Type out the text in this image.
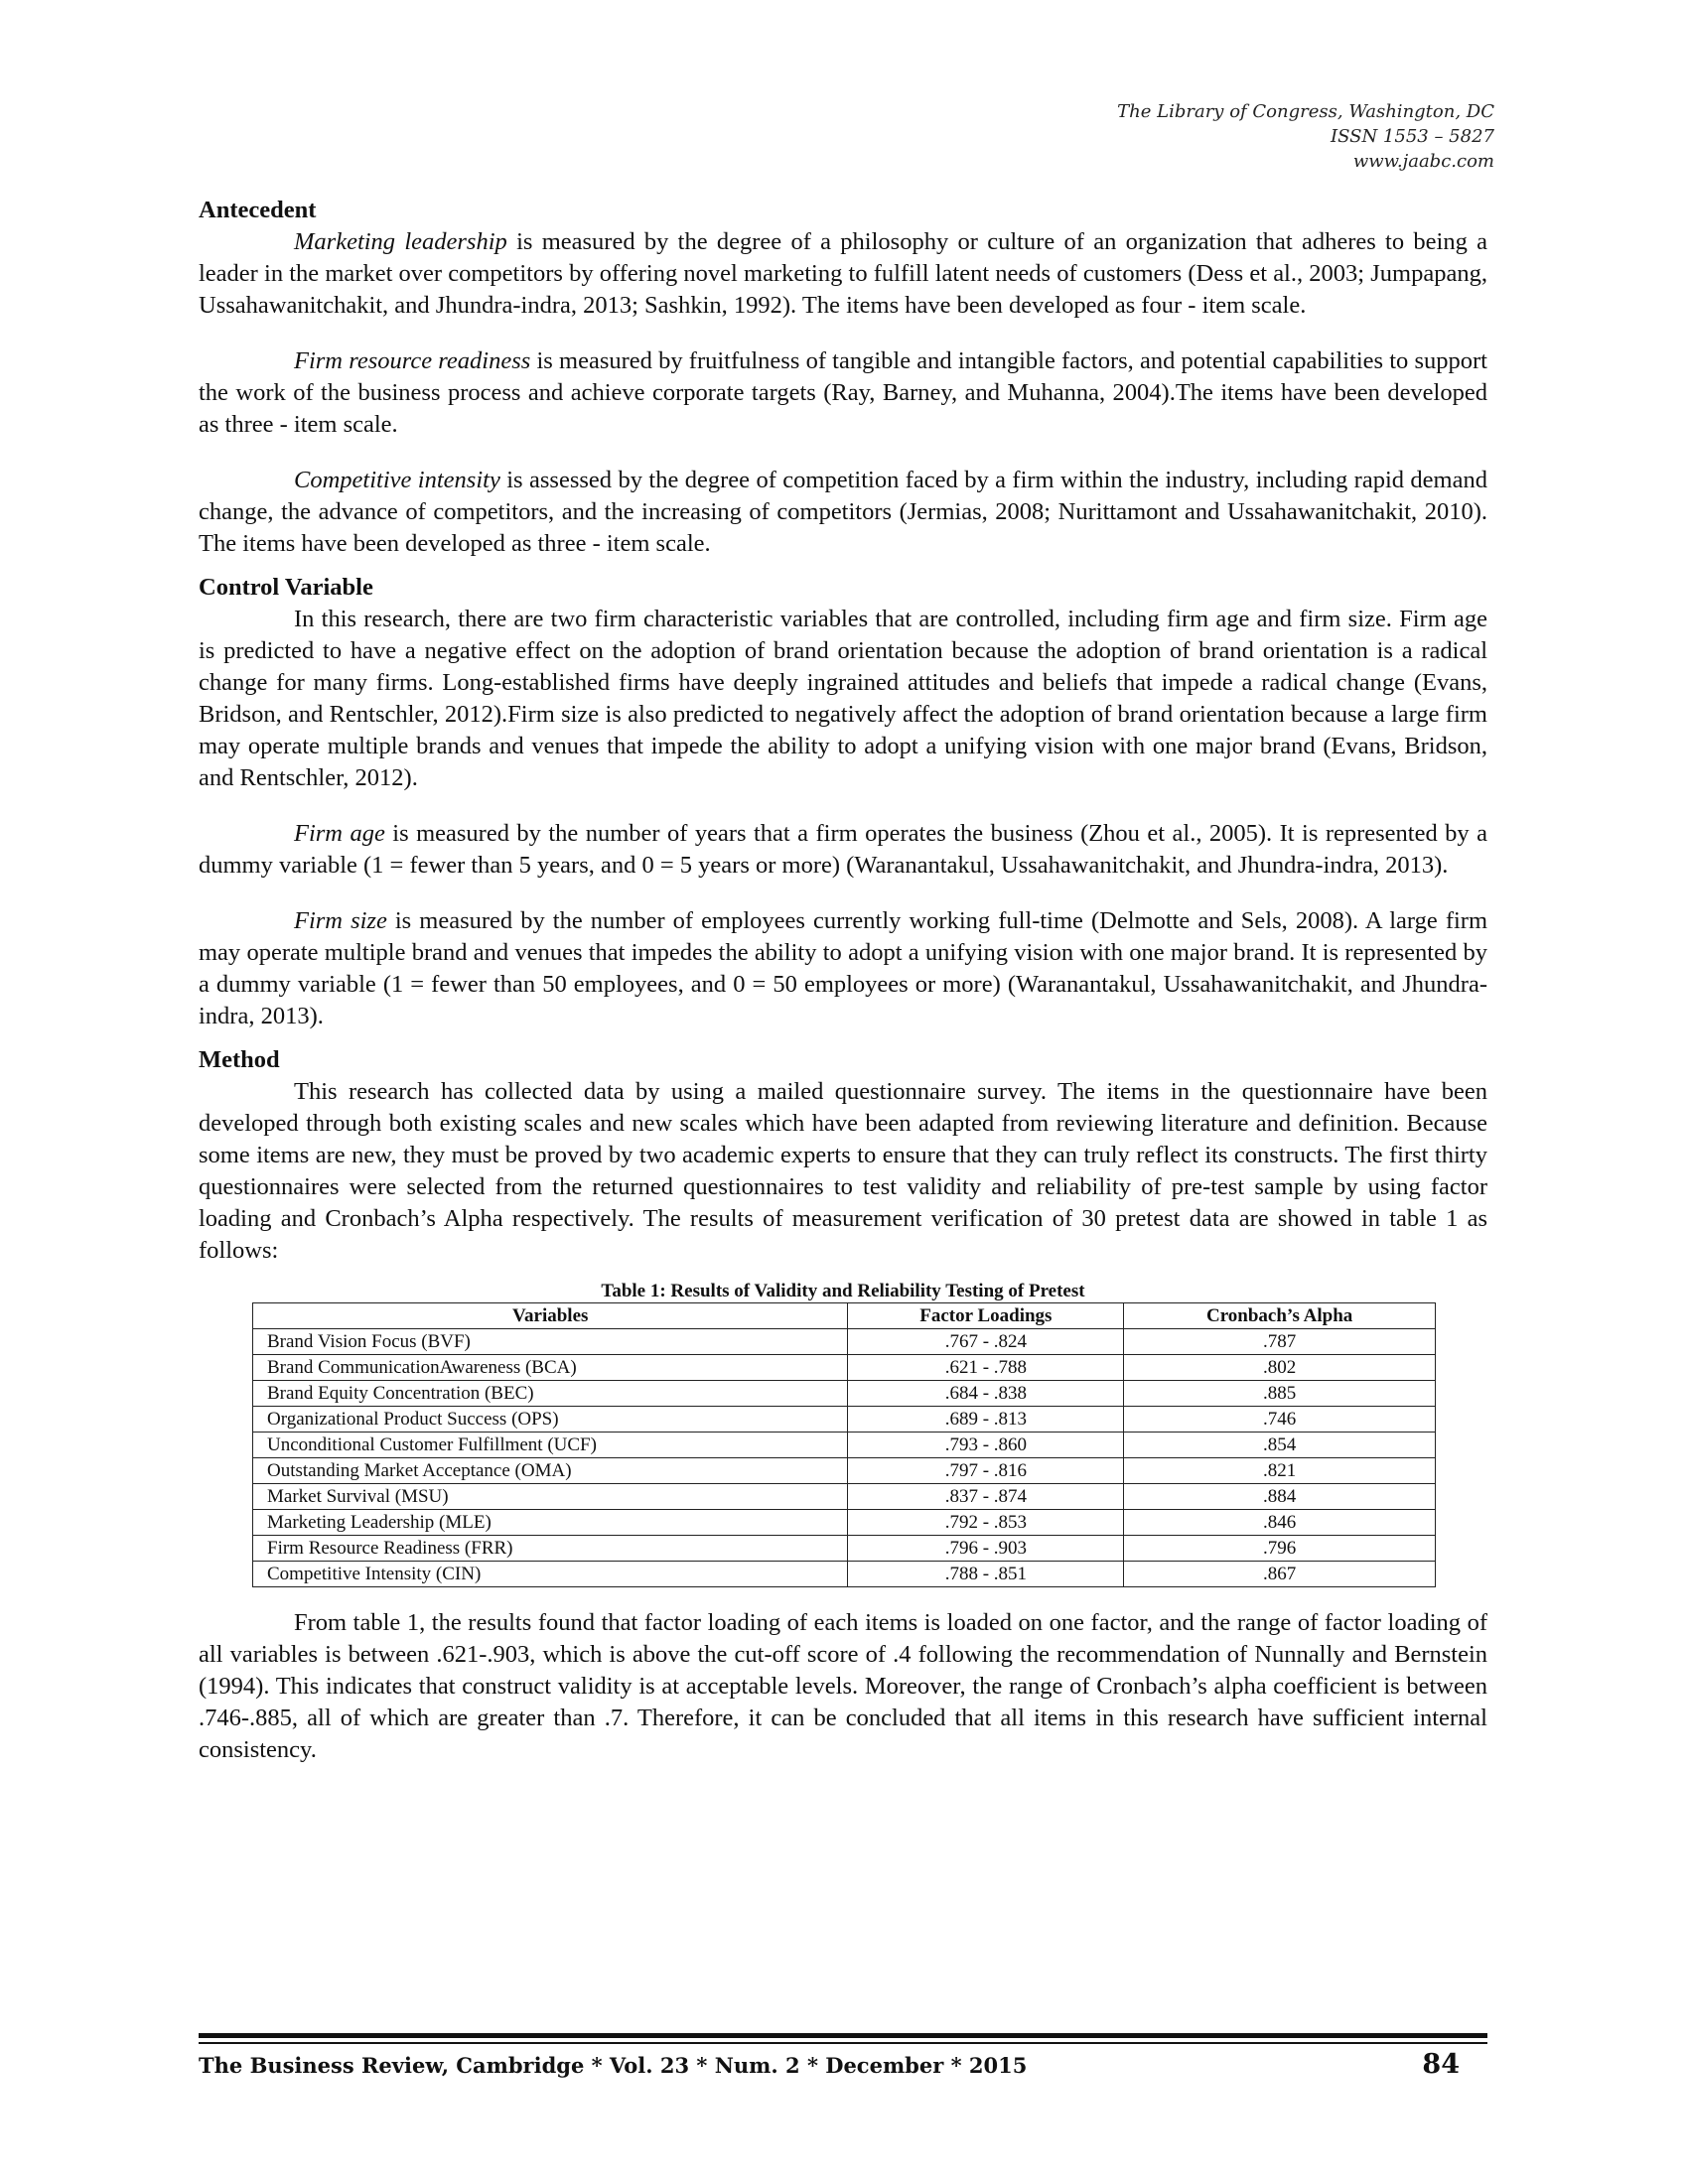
The Library of Congress, Washington, DC
ISSN 1553 – 5827
www.jaabc.com
Antecedent

Marketing leadership is measured by the degree of a philosophy or culture of an organization that adheres to being a leader in the market over competitors by offering novel marketing to fulfill latent needs of customers (Dess et al., 2003; Jumpapang, Ussahawanitchakit, and Jhundra-indra, 2013; Sashkin, 1992). The items have been developed as four - item scale.

Firm resource readiness is measured by fruitfulness of tangible and intangible factors, and potential capabilities to support the work of the business process and achieve corporate targets (Ray, Barney, and Muhanna, 2004).The items have been developed as three - item scale.

Competitive intensity is assessed by the degree of competition faced by a firm within the industry, including rapid demand change, the advance of competitors, and the increasing of competitors (Jermias, 2008; Nurittamont and Ussahawanitchakit, 2010). The items have been developed as three - item scale.

Control Variable

In this research, there are two firm characteristic variables that are controlled, including firm age and firm size. Firm age is predicted to have a negative effect on the adoption of brand orientation because the adoption of brand orientation is a radical change for many firms. Long-established firms have deeply ingrained attitudes and beliefs that impede a radical change (Evans, Bridson, and Rentschler, 2012).Firm size is also predicted to negatively affect the adoption of brand orientation because a large firm may operate multiple brands and venues that impede the ability to adopt a unifying vision with one major brand (Evans, Bridson, and Rentschler, 2012).

Firm age is measured by the number of years that a firm operates the business (Zhou et al., 2005). It is represented by a dummy variable (1 = fewer than 5 years, and 0 = 5 years or more) (Waranantakul, Ussahawanitchakit, and Jhundra-indra, 2013).

Firm size is measured by the number of employees currently working full-time (Delmotte and Sels, 2008). A large firm may operate multiple brand and venues that impedes the ability to adopt a unifying vision with one major brand. It is represented by a dummy variable (1 = fewer than 50 employees, and 0 = 50 employees or more) (Waranantakul, Ussahawanitchakit, and Jhundra-indra, 2013).

Method

This research has collected data by using a mailed questionnaire survey. The items in the questionnaire have been developed through both existing scales and new scales which have been adapted from reviewing literature and definition. Because some items are new, they must be proved by two academic experts to ensure that they can truly reflect its constructs. The first thirty questionnaires were selected from the returned questionnaires to test validity and reliability of pre-test sample by using factor loading and Cronbach’s Alpha respectively. The results of measurement verification of 30 pretest data are showed in table 1 as follows:

Table 1: Results of Validity and Reliability Testing of Pretest
Variables	Factor Loadings	Cronbach’s Alpha
Brand Vision Focus (BVF)	.767 - .824	.787
Brand CommunicationAwareness (BCA)	.621 - .788	.802
Brand Equity Concentration (BEC)	.684 - .838	.885
Organizational Product Success (OPS)	.689 - .813	.746
Unconditional Customer Fulfillment (UCF)	.793 - .860	.854
Outstanding Market Acceptance (OMA)	.797 - .816	.821
Market Survival (MSU)	.837 - .874	.884
Marketing Leadership (MLE)	.792 - .853	.846
Firm Resource Readiness (FRR)	.796 - .903	.796
Competitive Intensity (CIN)	.788 - .851	.867

From table 1, the results found that factor loading of each items is loaded on one factor, and the range of factor loading of all variables is between .621-.903, which is above the cut-off score of .4 following the recommendation of Nunnally and Bernstein (1994). This indicates that construct validity is at acceptable levels. Moreover, the range of Cronbach’s alpha coefficient is between .746-.885, all of which are greater than .7. Therefore, it can be concluded that all items in this research have sufficient internal consistency.

The Business Review, Cambridge * Vol. 23 * Num. 2 * December * 2015	84
